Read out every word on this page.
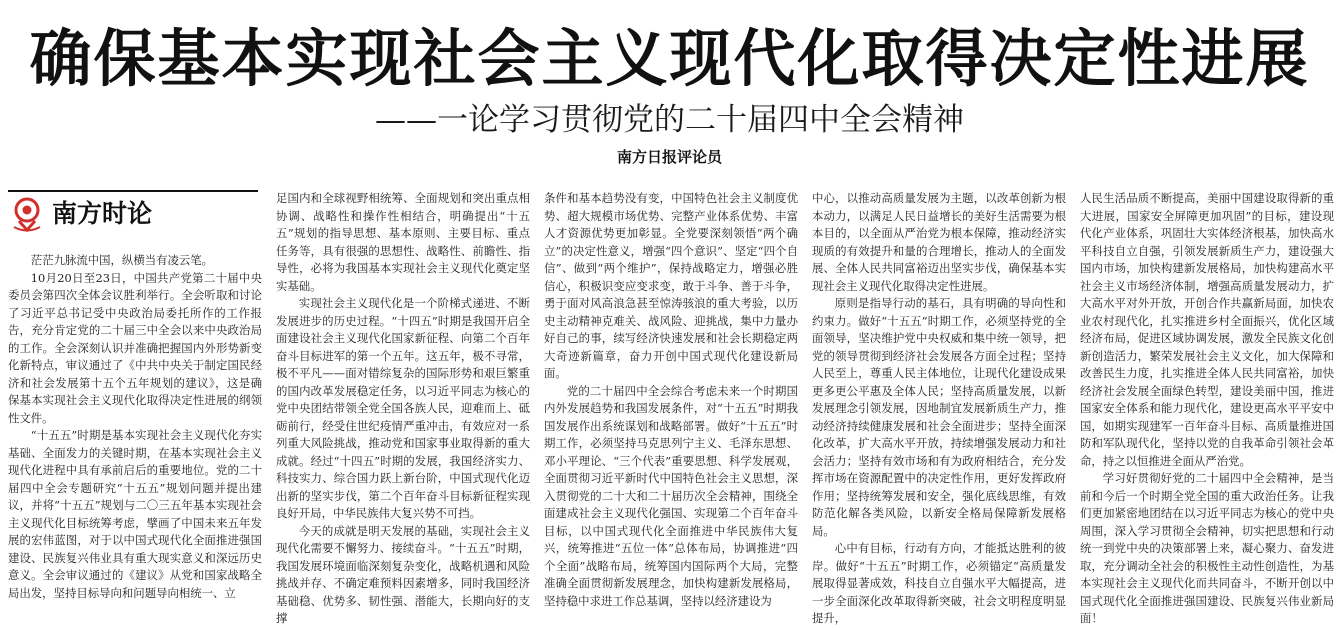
确保基本实现社会主义现代化取得决定性进展
——一论学习贯彻党的二十届四中全会精神
南方日报评论员
南方时论

茫茫九脉流中国，纵横当有凌云笔。

10月20日至23日，中国共产党第二十届中央委员会第四次全体会议胜利举行。全会听取和讨论了习近平总书记受中央政治局委托所作的工作报告，充分肯定党的二十届三中全会以来中央政治局的工作。全会深刻认识并准确把握国内外形势新变化新特点，审议通过了《中共中央关于制定国民经济和社会发展第十五个五年规划的建议》，这是确保基本实现社会主义现代化取得决定性进展的纲领性文件。

“十五五”时期是基本实现社会主义现代化夯实基础、全面发力的关键时期，在基本实现社会主义现代化进程中具有承前启后的重要地位。党的二十届四中全会专题研究“十五五”规划问题并提出建议，并将“十五五”规划与二〇三五年基本实现社会主义现代化目标统筹考虑，擘画了中国未来五年发展的宏伟蓝图，对于以中国式现代化全面推进强国建设、民族复兴伟业具有重大现实意义和深远历史意义。全会审议通过的《建议》从党和国家战略全局出发，坚持目标导向和问题导向相统一、立

足国内和全球视野相统筹、全面规划和突出重点相协调、战略性和操作性相结合，明确提出“十五五”规划的指导思想、基本原则、主要目标、重点任务等，具有很强的思想性、战略性、前瞻性、指导性，必将为我国基本实现社会主义现代化奠定坚实基础。

实现社会主义现代化是一个阶梯式递进、不断发展进步的历史过程。“十四五”时期是我国开启全面建设社会主义现代化国家新征程、向第二个百年奋斗目标进军的第一个五年。这五年，极不寻常，极不平凡——面对错综复杂的国际形势和艰巨繁重的国内改革发展稳定任务，以习近平同志为核心的党中央团结带领全党全国各族人民，迎难而上、砥砺前行，经受住世纪疫情严重冲击，有效应对一系列重大风险挑战，推动党和国家事业取得新的重大成就。经过“十四五”时期的发展，我国经济实力、科技实力、综合国力跃上新台阶，中国式现代化迈出新的坚实步伐，第二个百年奋斗目标新征程实现良好开局，中华民族伟大复兴势不可挡。

今天的成就是明天发展的基础，实现社会主义现代化需要不懈努力、接续奋斗。“十五五”时期，我国发展环境面临深刻复杂变化，战略机遇和风险挑战并存、不确定难预料因素增多，同时我国经济基础稳、优势多、韧性强、潜能大，长期向好的支撑

条件和基本趋势没有变，中国特色社会主义制度优势、超大规模市场优势、完整产业体系优势、丰富人才资源优势更加彰显。全党要深刻领悟“两个确立”的决定性意义，增强“四个意识”、坚定“四个自信”、做到“两个维护”，保持战略定力，增强必胜信心，积极识变应变求变，敢于斗争、善于斗争，勇于面对风高浪急甚至惊涛骇浪的重大考验，以历史主动精神克难关、战风险、迎挑战，集中力量办好自己的事，续写经济快速发展和社会长期稳定两大奇迹新篇章，奋力开创中国式现代化建设新局面。

党的二十届四中全会综合考虑未来一个时期国内外发展趋势和我国发展条件，对“十五五”时期我国发展作出系统谋划和战略部署。做好“十五五”时期工作，必须坚持马克思列宁主义、毛泽东思想、邓小平理论、“三个代表”重要思想、科学发展观，全面贯彻习近平新时代中国特色社会主义思想，深入贯彻党的二十大和二十届历次全会精神，围绕全面建成社会主义现代化强国、实现第二个百年奋斗目标，以中国式现代化全面推进中华民族伟大复兴，统筹推进“五位一体”总体布局，协调推进“四个全面”战略布局，统筹国内国际两个大局，完整准确全面贯彻新发展理念，加快构建新发展格局，坚持稳中求进工作总基调，坚持以经济建设为

中心，以推动高质量发展为主题，以改革创新为根本动力，以满足人民日益增长的美好生活需要为根本目的，以全面从严治党为根本保障，推动经济实现质的有效提升和量的合理增长，推动人的全面发展、全体人民共同富裕迈出坚实步伐，确保基本实现社会主义现代化取得决定性进展。

原则是指导行动的基石，具有明确的导向性和约束力。做好“十五五”时期工作，必须坚持党的全面领导，坚决维护党中央权威和集中统一领导，把党的领导贯彻到经济社会发展各方面全过程；坚持人民至上，尊重人民主体地位，让现代化建设成果更多更公平惠及全体人民；坚持高质量发展，以新发展理念引领发展，因地制宜发展新质生产力，推动经济持续健康发展和社会全面进步；坚持全面深化改革，扩大高水平开放，持续增强发展动力和社会活力；坚持有效市场和有为政府相结合，充分发挥市场在资源配置中的决定性作用，更好发挥政府作用；坚持统筹发展和安全，强化底线思维，有效防范化解各类风险，以新安全格局保障新发展格局。

心中有目标，行动有方向，才能抵达胜利的彼岸。做好“十五五”时期工作，必须锚定“高质量发展取得显著成效，科技自立自强水平大幅提高，进一步全面深化改革取得新突破，社会文明程度明显提升，

人民生活品质不断提高，美丽中国建设取得新的重大进展，国家安全屏障更加巩固”的目标，建设现代化产业体系，巩固壮大实体经济根基，加快高水平科技自立自强，引领发展新质生产力，建设强大国内市场，加快构建新发展格局，加快构建高水平社会主义市场经济体制，增强高质量发展动力，扩大高水平对外开放，开创合作共赢新局面，加快农业农村现代化，扎实推进乡村全面振兴，优化区域经济布局，促进区域协调发展，激发全民族文化创新创造活力，繁荣发展社会主义文化，加大保障和改善民生力度，扎实推进全体人民共同富裕，加快经济社会发展全面绿色转型，建设美丽中国，推进国家安全体系和能力现代化，建设更高水平平安中国，如期实现建军一百年奋斗目标、高质量推进国防和军队现代化，坚持以党的自我革命引领社会革命，持之以恒推进全面从严治党。

学习好贯彻好党的二十届四中全会精神，是当前和今后一个时期全党全国的重大政治任务。让我们更加紧密地团结在以习近平同志为核心的党中央周围，深入学习贯彻全会精神，切实把思想和行动统一到党中央的决策部署上来，凝心聚力、奋发进取，充分调动全社会的积极性主动性创造性，为基本实现社会主义现代化而共同奋斗，不断开创以中国式现代化全面推进强国建设、民族复兴伟业新局面！
